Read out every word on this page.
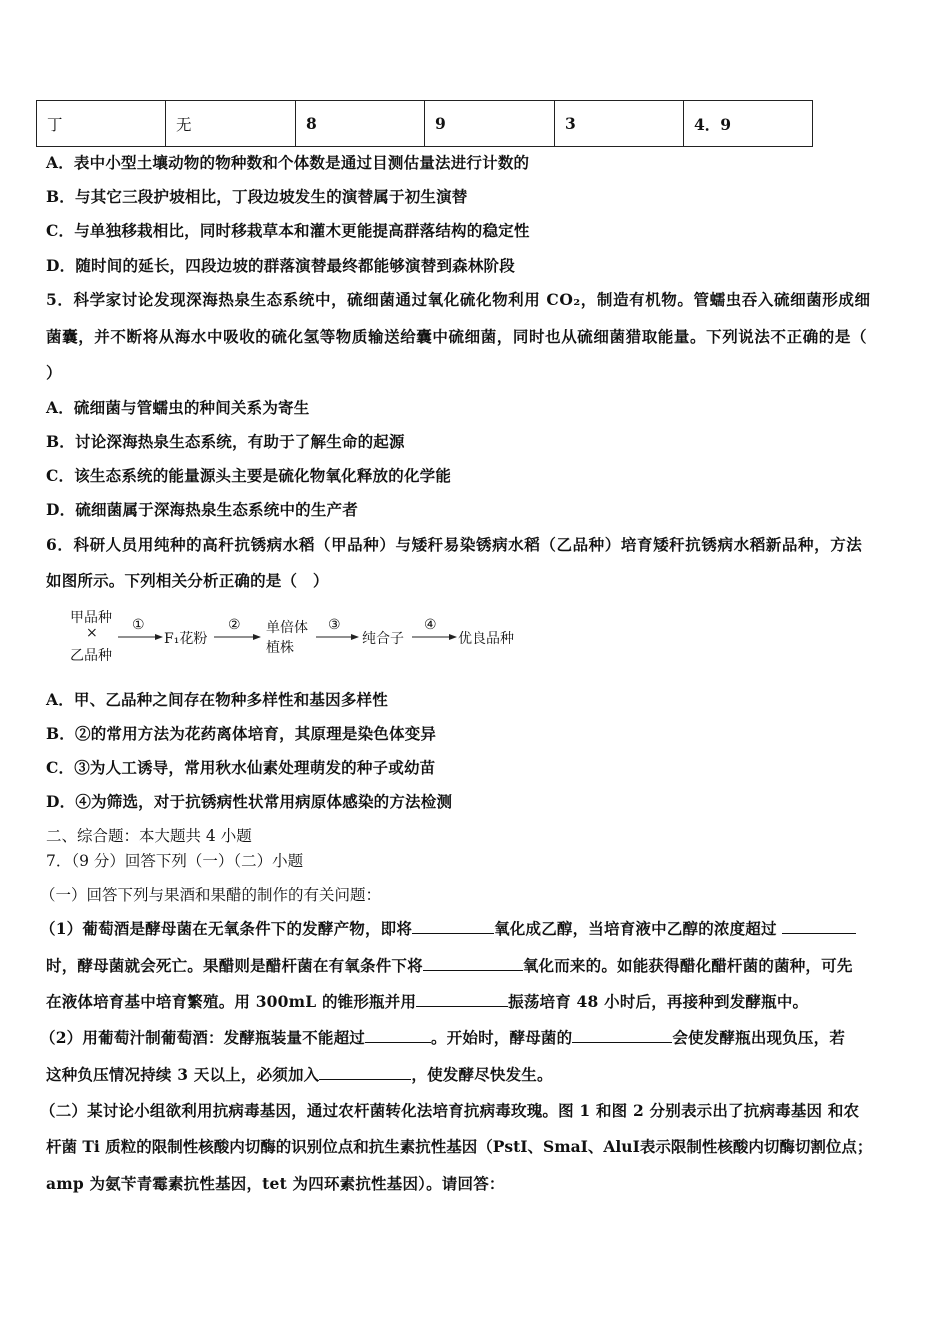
丁	无	8	9	3	4．9
A．表中小型土壤动物的物种数和个体数是通过目测估量法进行计数的
B．与其它三段护坡相比，丁段边坡发生的演替属于初生演替
C．与单独移栽相比，同时移栽草本和灌木更能提高群落结构的稳定性
D．随时间的延长，四段边坡的群落演替最终都能够演替到森林阶段
5．科学家讨论发现深海热泉生态系统中，硫细菌通过氧化硫化物利用 CO₂，制造有机物。管蠕虫吞入硫细菌形成细
菌囊，并不断将从海水中吸收的硫化氢等物质输送给囊中硫细菌，同时也从硫细菌猎取能量。下列说法不正确的是（
）
A．硫细菌与管蠕虫的种间关系为寄生
B．讨论深海热泉生态系统，有助于了解生命的起源
C．该生态系统的能量源头主要是硫化物氧化释放的化学能
D．硫细菌属于深海热泉生态系统中的生产者
6．科研人员用纯种的高秆抗锈病水稻（甲品种）与矮秆易染锈病水稻（乙品种）培育矮秆抗锈病水稻新品种，方法
如图所示。下列相关分析正确的是（　）
甲品种
×
乙品种
①
F₁花粉
② 单倍体
植株
③
纯合子
④
优良品种
A．甲、乙品种之间存在物种多样性和基因多样性
B．②的常用方法为花药离体培育，其原理是染色体变异
C．③为人工诱导，常用秋水仙素处理萌发的种子或幼苗
D．④为筛选，对于抗锈病性状常用病原体感染的方法检测
二、综合题：本大题共 4 小题
7．（9 分）回答下列（一）（二）小题
（一）回答下列与果酒和果醋的制作的有关问题：
（1）葡萄酒是酵母菌在无氧条件下的发酵产物，即将	氧化成乙醇，当培育液中乙醇的浓度超过
时，酵母菌就会死亡。果醋则是醋杆菌在有氧条件下将	氧化而来的。如能获得醋化醋杆菌的菌种，可先
在液体培育基中培育繁殖。用 300mL 的锥形瓶并用	振荡培育 48 小时后，再接种到发酵瓶中。
（2）用葡萄汁制葡萄酒：发酵瓶装量不能超过	。开始时，酵母菌的	会使发酵瓶出现负压，若
这种负压情况持续 3 天以上，必须加入	，使发酵尽快发生。
（二）某讨论小组欲利用抗病毒基因，通过农杆菌转化法培育抗病毒玫瑰。图 1 和图 2 分别表示出了抗病毒基因 和农
杆菌 Ti 质粒的限制性核酸内切酶的识别位点和抗生素抗性基因（PstⅠ、SmaⅠ、AluⅠ表示限制性核酸内切酶切割位点；
amp 为氨苄青霉素抗性基因，tet 为四环素抗性基因）。请回答：
